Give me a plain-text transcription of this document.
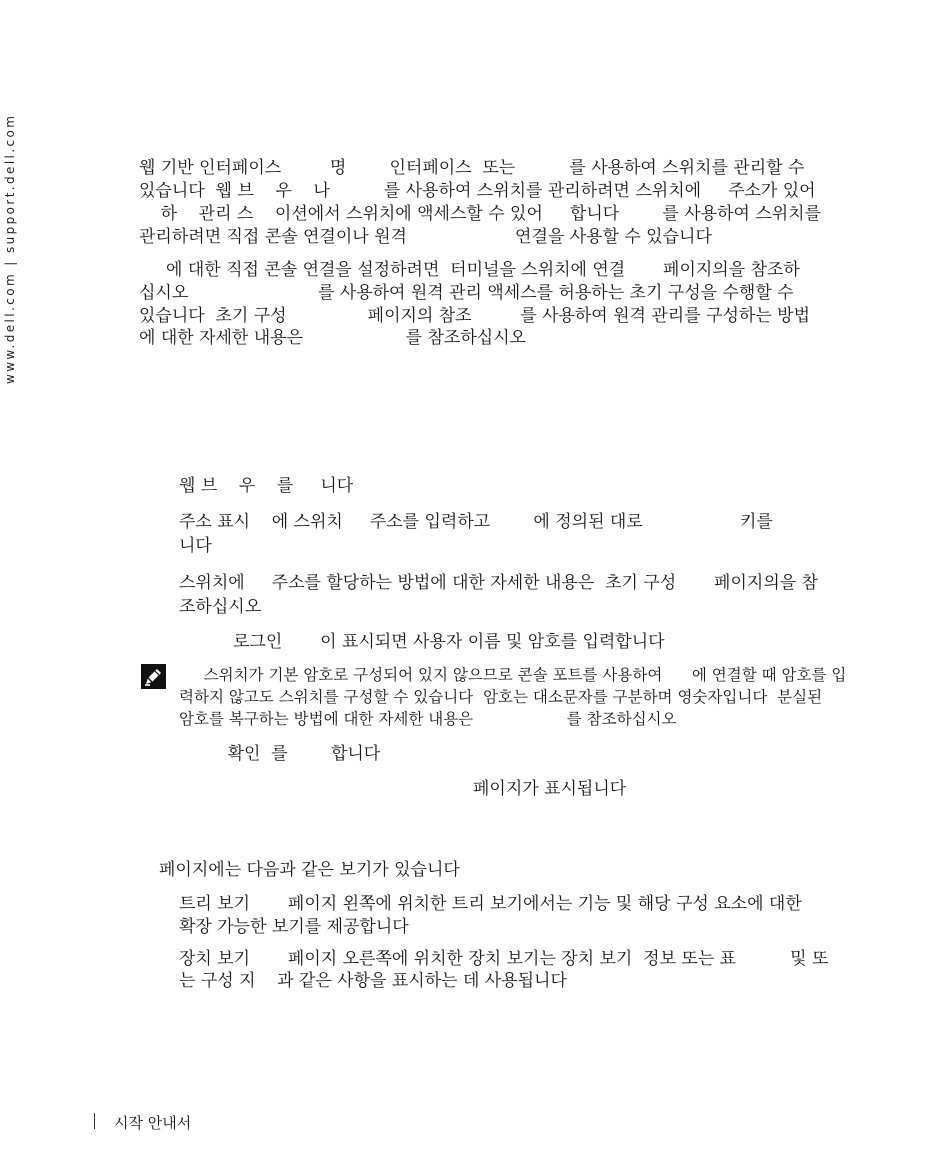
www.dell.com | support.dell.com	웹 기반 인터페이스         명        인터페이스  또는          를 사용하여 스위치를 관리할 수
있습니다  웹 브    우    나          를 사용하여 스위치를 관리하려면 스위치에     주소가 있어
하    관리 스    이션에서 스위치에 액세스할 수 있어     합니다        를 사용하여 스위치를
관리하려면 직접 콘솔 연결이나 원격                    연결을 사용할 수 있습니다
에 대한 직접 콘솔 연결을 설정하려면  터미널을 스위치에 연결       페이지의을 참조하
십시오                        를 사용하여 원격 관리 액세스를 허용하는 초기 구성을 수행할 수
있습니다  초기 구성               페이지의 참조         를 사용하여 원격 관리를 구성하는 방법
에 대한 자세한 내용은                   를 참조하십시오
웹 브    우    를     니다
주소 표시    에 스위치     주소를 입력하고        에 정의된 대로                  키를
니다
스위치에     주소를 할당하는 방법에 대한 자세한 내용은  초기 구성       페이지의을 참
조하십시오
로그인       이 표시되면 사용자 이름 및 암호를 입력합니다
스위치가 기본 암호로 구성되어 있지 않으므로 콘솔 포트를 사용하여      에 연결할 때 암호를 입
력하지 않고도 스위치를 구성할 수 있습니다  암호는 대소문자를 구분하며 영숫자입니다  분실된
암호를 복구하는 방법에 대한 자세한 내용은                   를 참조하십시오
확인  를        합니다
페이지가 표시됩니다
페이지에는 다음과 같은 보기가 있습니다
트리 보기       페이지 왼쪽에 위치한 트리 보기에서는 기능 및 해당 구성 요소에 대한
확장 가능한 보기를 제공합니다
장치 보기       페이지 오른쪽에 위치한 장치 보기는 장치 보기  정보 또는 표          및 또
는 구성 지    과 같은 사항을 표시하는 데 사용됩니다
시작 안내서
